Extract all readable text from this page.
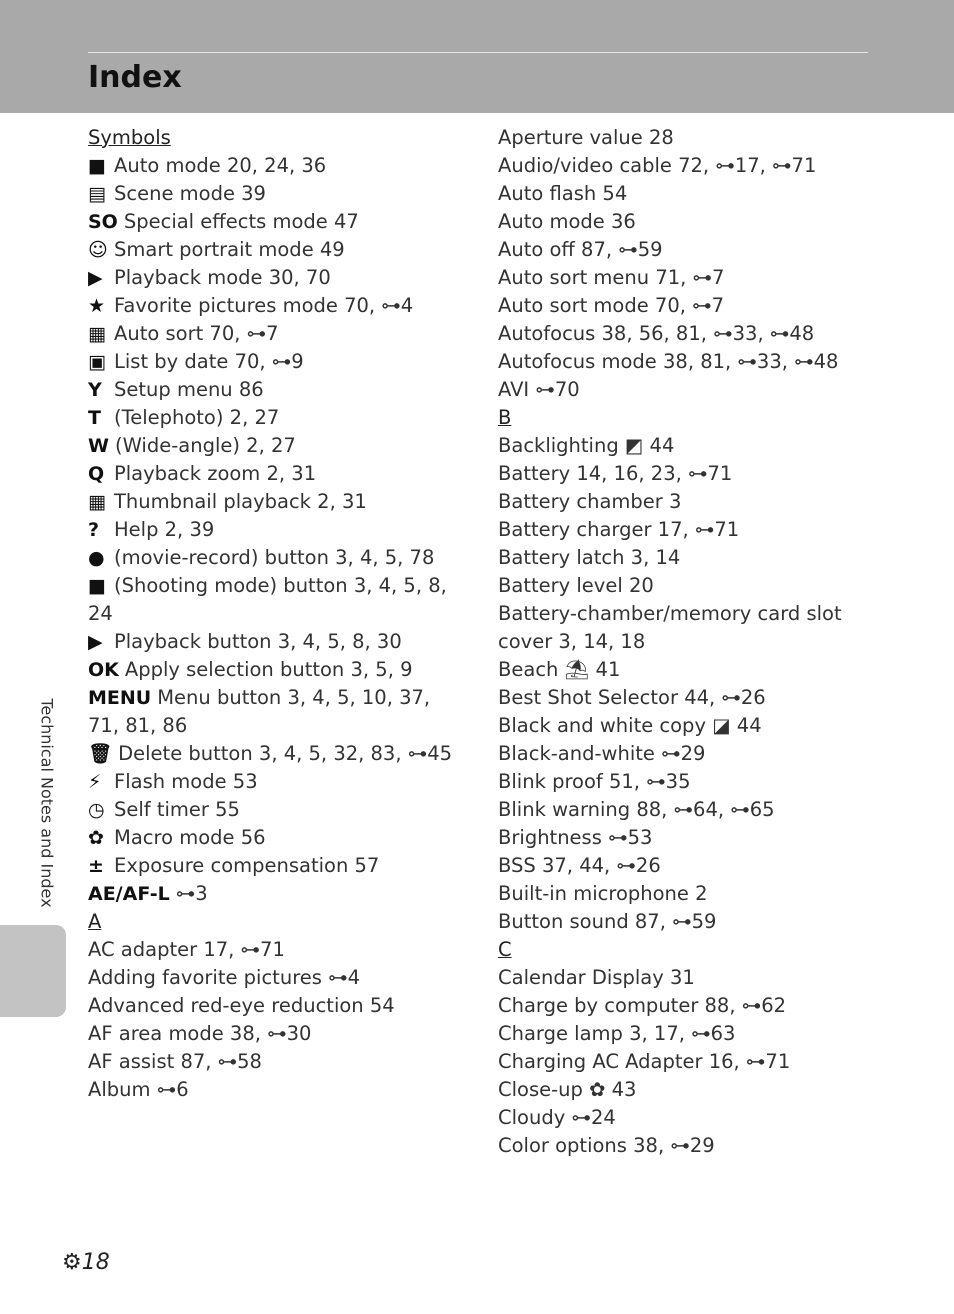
Index
Technical Notes and Index
Symbols
■ Auto mode 20, 24, 36
▤ Scene mode 39
SO Special effects mode 47
☺ Smart portrait mode 49
▶ Playback mode 30, 70
★ Favorite pictures mode 70, ⊶4
▦ Auto sort 70, ⊶7
▣ List by date 70, ⊶9
Y Setup menu 86
T (Telephoto) 2, 27
W (Wide-angle) 2, 27
Q Playback zoom 2, 31
▦ Thumbnail playback 2, 31
? Help 2, 39
● (movie-record) button 3, 4, 5, 78
■ (Shooting mode) button 3, 4, 5, 8, 24
▶ Playback button 3, 4, 5, 8, 30
OK Apply selection button 3, 5, 9
MENU Menu button 3, 4, 5, 10, 37, 71, 81, 86
🗑 Delete button 3, 4, 5, 32, 83, ⊶45
⚡ Flash mode 53
◷ Self timer 55
✿ Macro mode 56
± Exposure compensation 57
AE/AF-L ⊶3
A
AC adapter 17, ⊶71
Adding favorite pictures ⊶4
Advanced red-eye reduction 54
AF area mode 38, ⊶30
AF assist 87, ⊶58
Album ⊶6
Aperture value 28
Audio/video cable 72, ⊶17, ⊶71
Auto flash 54
Auto mode 36
Auto off 87, ⊶59
Auto sort menu 71, ⊶7
Auto sort mode 70, ⊶7
Autofocus 38, 56, 81, ⊶33, ⊶48
Autofocus mode 38, 81, ⊶33, ⊶48
AVI ⊶70
B
Backlighting ◩ 44
Battery 14, 16, 23, ⊶71
Battery chamber 3
Battery charger 17, ⊶71
Battery latch 3, 14
Battery level 20
Battery-chamber/memory card slot cover 3, 14, 18
Beach ⛱ 41
Best Shot Selector 44, ⊶26
Black and white copy ◪ 44
Black-and-white ⊶29
Blink proof 51, ⊶35
Blink warning 88, ⊶64, ⊶65
Brightness ⊶53
BSS 37, 44, ⊶26
Built-in microphone 2
Button sound 87, ⊶59
C
Calendar Display 31
Charge by computer 88, ⊶62
Charge lamp 3, 17, ⊶63
Charging AC Adapter 16, ⊶71
Close-up ✿ 43
Cloudy ⊶24
Color options 38, ⊶29
⚙18
